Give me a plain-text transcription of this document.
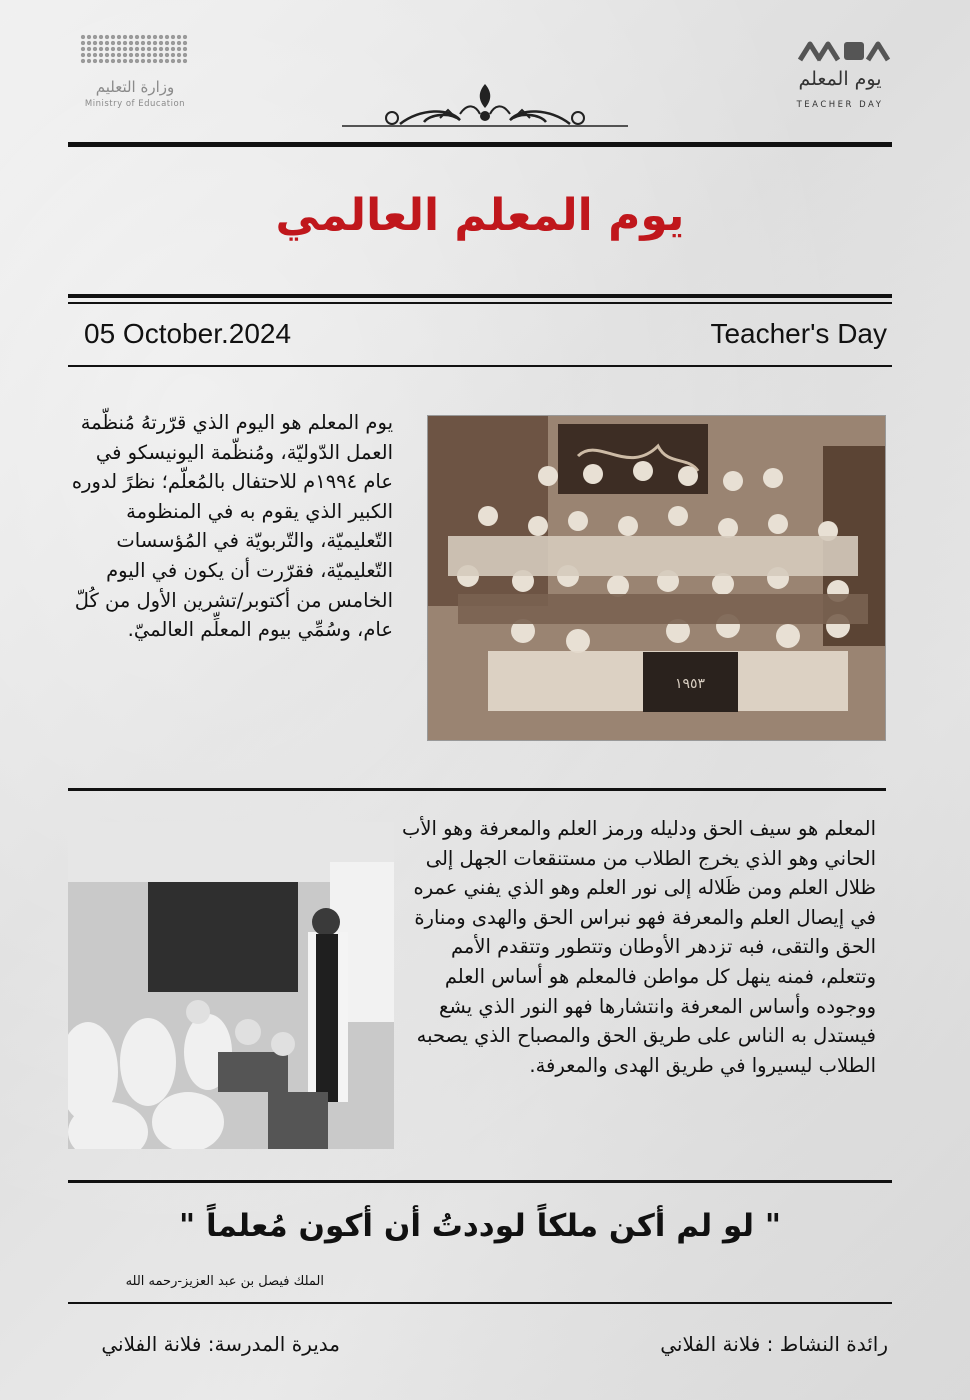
وزارة التعليم
Ministry of Education
يوم المعلم
TEACHER DAY
يوم المعلم العالمي
05 October.2024	Teacher's Day
يوم المعلم هو اليوم الذي قرّرتهُ مُنظّمة العمل الدّوليّة، ومُنظّمة اليونيسكو في عام ١٩٩٤م للاحتفال بالمُعلّم؛ نظرً لدوره الكبير الذي يقوم به في المنظومة التّعليميّة، والتّربويّة في المُؤسسات التّعليميّة، فقرّرت أن يكون في اليوم الخامس من أكتوبر/تشرين الأول من كُلّ عام، وسُمِّي بيوم المعلِّم العالميّ.
١٩٥٣
المعلم هو سيف الحق ودليله ورمز العلم والمعرفة وهو الأب الحاني وهو الذي يخرج الطلاب من مستنقعات الجهل إلى ظلال العلم ومن ظَلاله إلى نور العلم وهو الذي يفني عمره في إيصال العلم والمعرفة فهو نبراس الحق والهدى ومنارة الحق والتقى، فبه تزدهر الأوطان وتتطور وتتقدم الأمم وتتعلم، فمنه ينهل كل مواطن فالمعلم هو أساس العلم ووجوده وأساس المعرفة وانتشارها فهو النور الذي يشع فيستدل به الناس على طريق الحق والمصباح الذي يصحبه الطلاب ليسيروا في طريق الهدى والمعرفة.
" لو لم أكن ملكاً لوددتُ أن أكون مُعلماً "
الملك فيصل بن عبد العزيز-رحمه الله
مديرة المدرسة: فلانة الفلاني	رائدة النشاط : فلانة الفلاني
